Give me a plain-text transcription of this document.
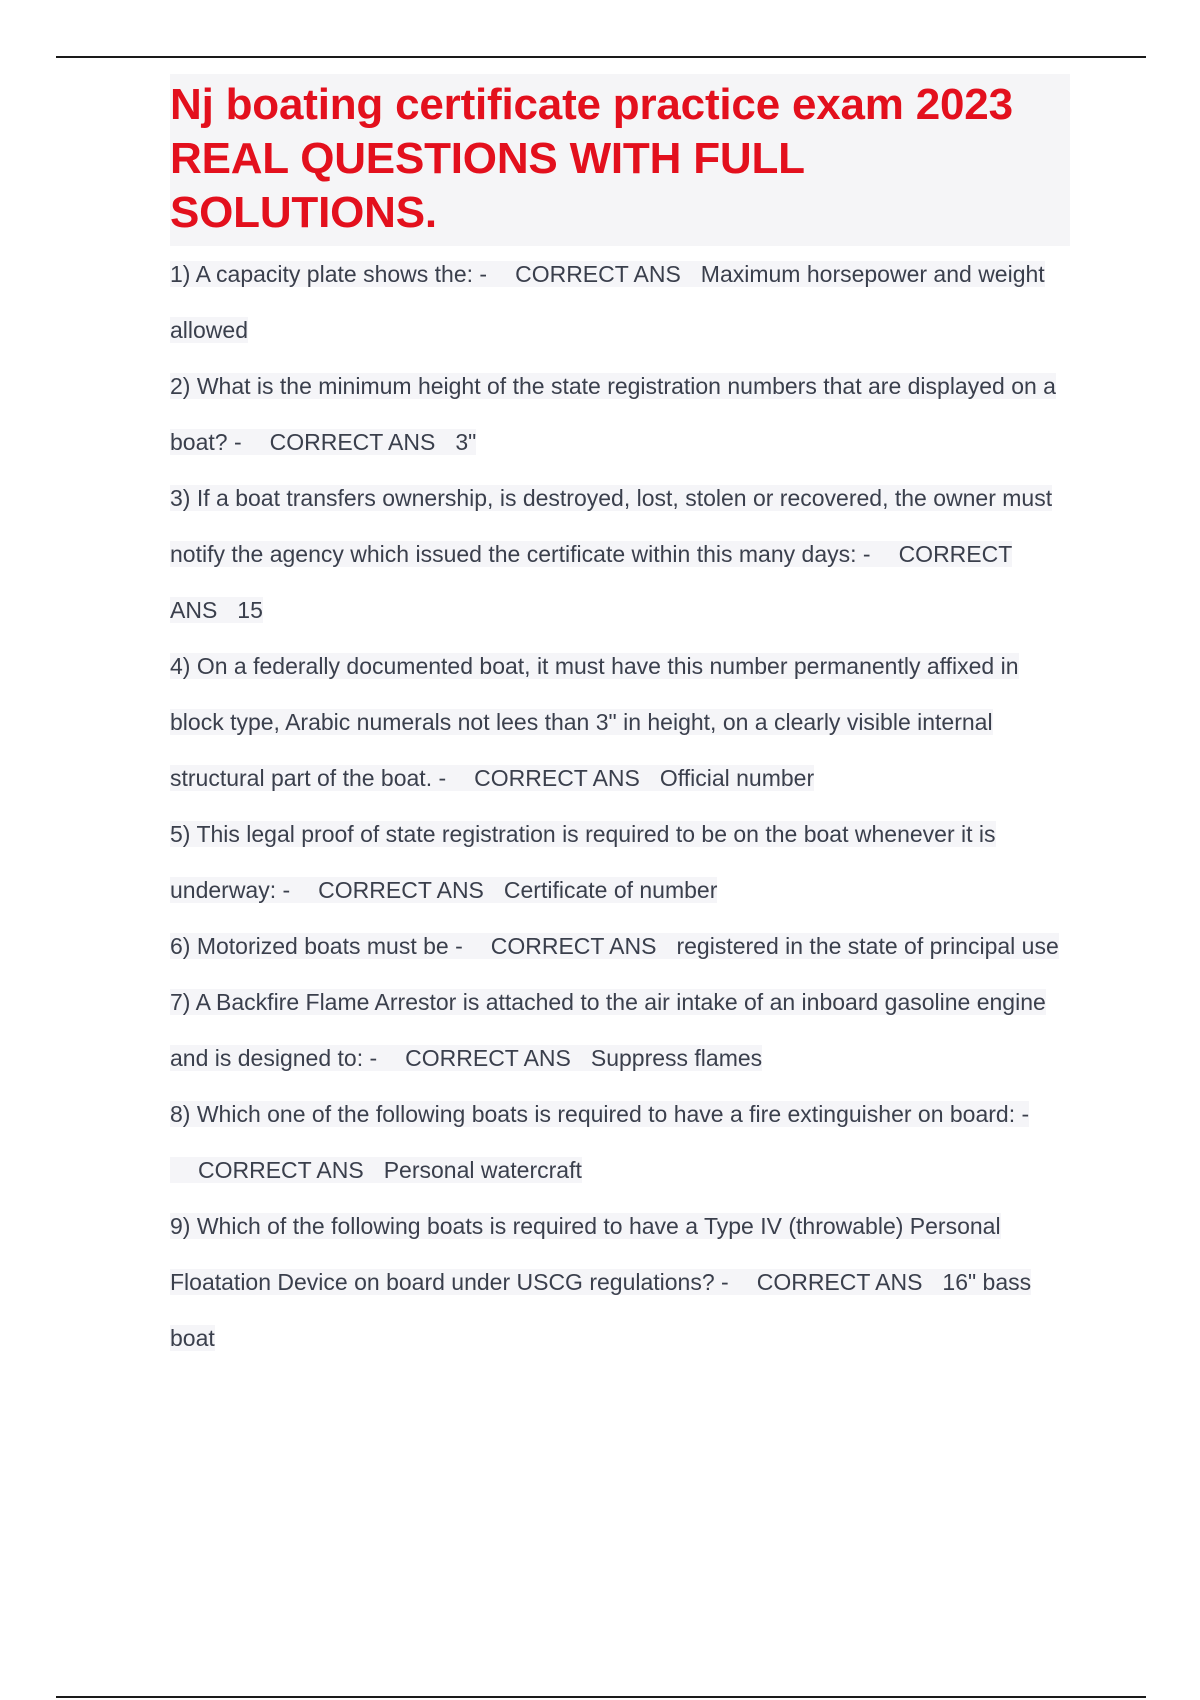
Nj boating certificate practice exam 2023 REAL QUESTIONS WITH FULL SOLUTIONS.
1) A capacity plate shows the: - CORRECT ANS Maximum horsepower and weight allowed
2) What is the minimum height of the state registration numbers that are displayed on a boat? - CORRECT ANS 3"
3) If a boat transfers ownership, is destroyed, lost, stolen or recovered, the owner must notify the agency which issued the certificate within this many days: - CORRECT ANS 15
4) On a federally documented boat, it must have this number permanently affixed in block type, Arabic numerals not lees than 3" in height, on a clearly visible internal structural part of the boat. - CORRECT ANS Official number
5) This legal proof of state registration is required to be on the boat whenever it is underway: - CORRECT ANS Certificate of number
6) Motorized boats must be - CORRECT ANS registered in the state of principal use
7) A Backfire Flame Arrestor is attached to the air intake of an inboard gasoline engine and is designed to: - CORRECT ANS Suppress flames
8) Which one of the following boats is required to have a fire extinguisher on board: -CORRECT ANS Personal watercraft
9) Which of the following boats is required to have a Type IV (throwable) Personal Floatation Device on board under USCG regulations? - CORRECT ANS 16" bass boat
